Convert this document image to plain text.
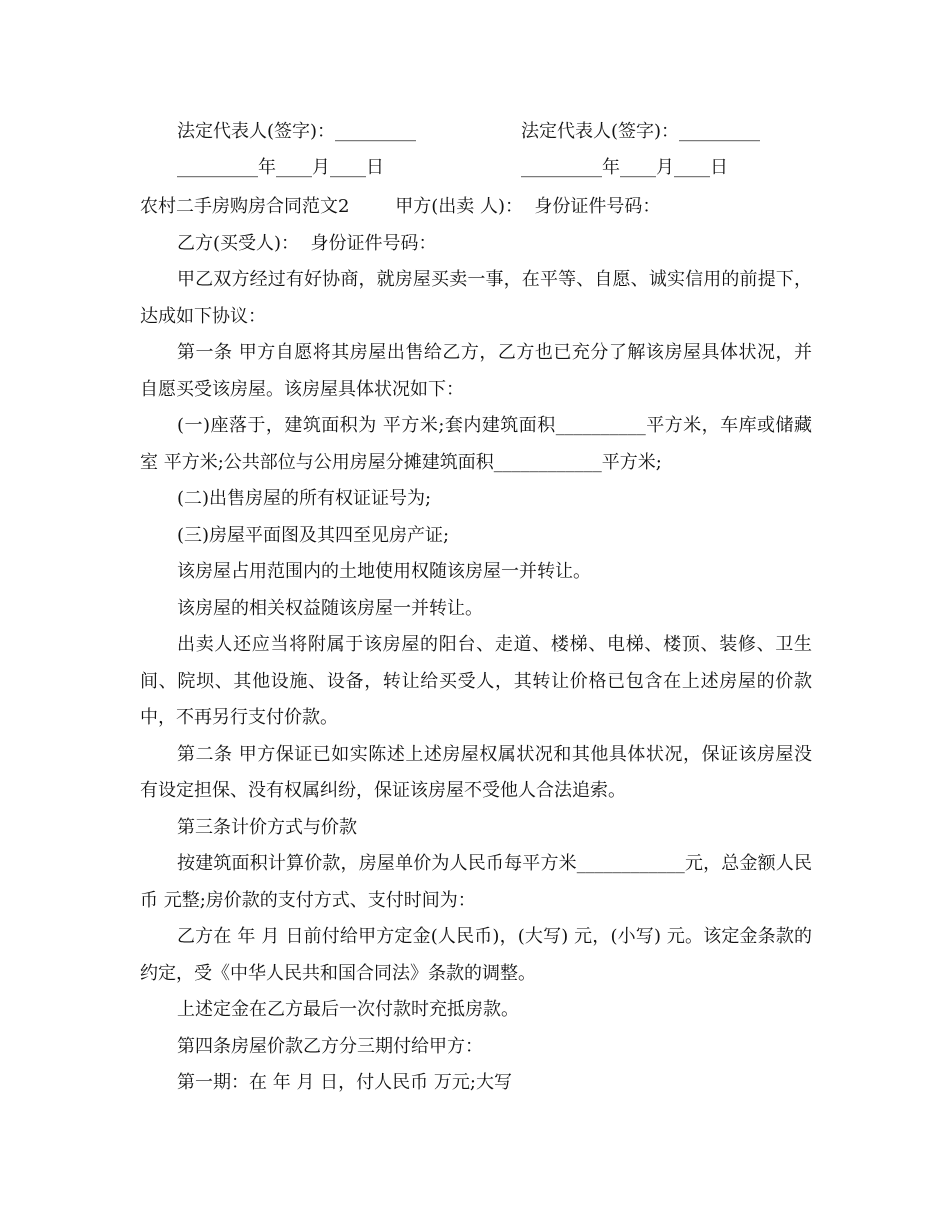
法定代表人(签字)：_________	法定代表人(签字)：_________
_________年____月____日	_________年____月____日

农村二手房购房合同范文2        甲方(出卖 人)：  身份证件号码：

乙方(买受人)：  身份证件号码：

甲乙双方经过有好协商，就房屋买卖一事，在平等、自愿、诚实信用的前提下，达成如下协议：

第一条 甲方自愿将其房屋出售给乙方，乙方也已充分了解该房屋具体状况，并自愿买受该房屋。该房屋具体状况如下：

(一)座落于，建筑面积为 平方米;套内建筑面积__________平方米，车库或储藏室 平方米;公共部位与公用房屋分摊建筑面积____________平方米;

(二)出售房屋的所有权证证号为;

(三)房屋平面图及其四至见房产证;

该房屋占用范围内的土地使用权随该房屋一并转让。

该房屋的相关权益随该房屋一并转让。

出卖人还应当将附属于该房屋的阳台、走道、楼梯、电梯、楼顶、装修、卫生间、院坝、其他设施、设备，转让给买受人，其转让价格已包含在上述房屋的价款中，不再另行支付价款。

第二条 甲方保证已如实陈述上述房屋权属状况和其他具体状况，保证该房屋没有设定担保、没有权属纠纷，保证该房屋不受他人合法追索。

第三条计价方式与价款

按建筑面积计算价款，房屋单价为人民币每平方米____________元，总金额人民币 元整;房价款的支付方式、支付时间为：

乙方在 年 月 日前付给甲方定金(人民币)，(大写) 元，(小写) 元。该定金条款的约定，受《中华人民共和国合同法》条款的调整。

上述定金在乙方最后一次付款时充抵房款。

第四条房屋价款乙方分三期付给甲方：

第一期：在 年 月 日，付人民币 万元;大写
